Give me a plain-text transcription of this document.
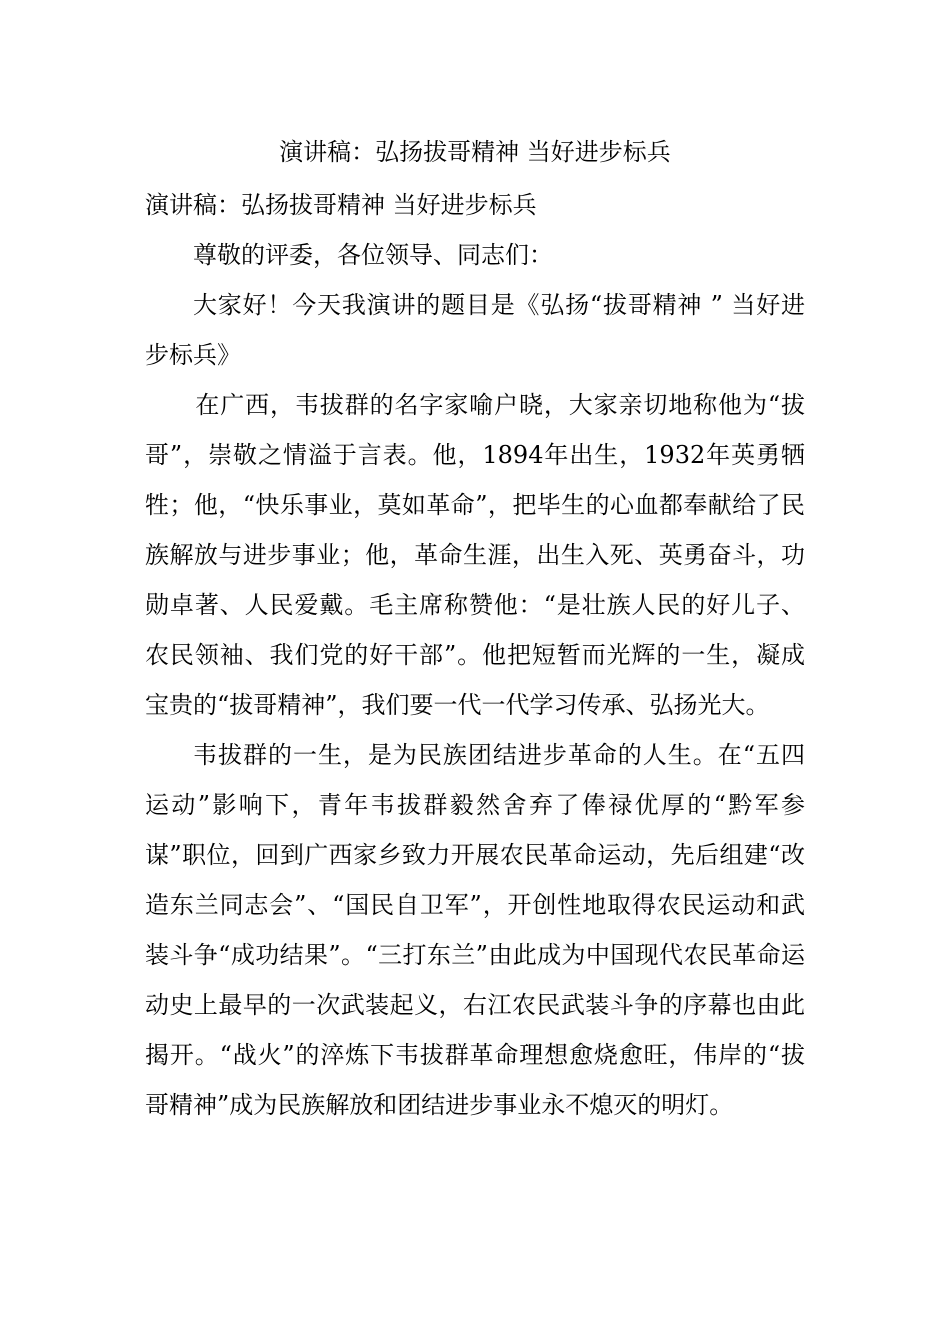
演讲稿：弘扬拔哥精神 当好进步标兵

演讲稿：弘扬拔哥精神 当好进步标兵

尊敬的评委，各位领导、同志们：

大家好！今天我演讲的题目是《弘扬“拔哥精神 ” 当好进步标兵》

在广西，韦拔群的名字家喻户晓，大家亲切地称他为“拔哥”，崇敬之情溢于言表。他，1894年出生，1932年英勇牺牲；他，“快乐事业，莫如革命”，把毕生的心血都奉献给了民族解放与进步事业；他，革命生涯，出生入死、英勇奋斗，功勋卓著、人民爱戴。毛主席称赞他：“是壮族人民的好儿子、农民领袖、我们党的好干部”。他把短暂而光辉的一生，凝成宝贵的“拔哥精神”，我们要一代一代学习传承、弘扬光大。

韦拔群的一生，是为民族团结进步革命的人生。在“五四运动”影响下，青年韦拔群毅然舍弃了俸禄优厚的“黔军参谋”职位，回到广西家乡致力开展农民革命运动，先后组建“改造东兰同志会”、“国民自卫军”，开创性地取得农民运动和武装斗争“成功结果”。“三打东兰”由此成为中国现代农民革命运动史上最早的一次武装起义，右江农民武装斗争的序幕也由此揭开。“战火”的淬炼下韦拔群革命理想愈烧愈旺，伟岸的“拔哥精神”成为民族解放和团结进步事业永不熄灭的明灯。
